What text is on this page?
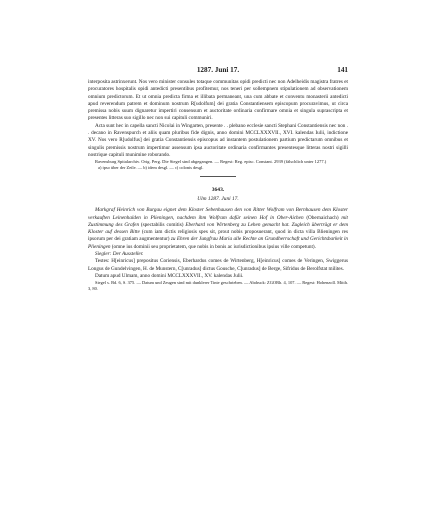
1287. Juni 17.	141

interposita astrinxerunt. Nos vero minister consules totaque communitas opidi predicti nec non Adelheidis magistra fratres et procuratores hospitalis opidi antedicti presentibus profitemur, nos teneri per sollempnem stipulationem ad observationem omnium predictorum. Et ut omnia predicta firma et illibata permaneant, una cum abbate et conventu monasterii antedicti apud reverendum patrem et dominum nostrum R[udolfum] dei gratia Constantiensem episcopum procuravimus, ut circa premissa nobis suum dignaretur impertiri consensum et auctoritate ordinaria confirmare omnia et singula suprascripta et presentes litteras suo sigillo nec non sui capituli communiri.

Acta sunt hec in capella sancti Nicolai in Wingarten, presente . . plebano ecclesie sancti Stephani Constantiensis nec non . . decano in Ravenspurch et aliis quam pluribus fide dignis, anno domini MCCLXXXVII., XVI. kalendas Iulii, indictione XV. Nos vero R[udolfus] dei gratia Constantiensis episcopus ad instantem postulationem partium predictarum omnibus et singulis premissis nostrum impertimur assensum ipsa auctoritate ordinaria confirmantes presentesque litteras nostri sigilli nostrique capituli munimine roborando.

Ravensburg Spitalarchiv. Orig. Perg. Die Siegel sind abgegangen. — Regest: Reg. episc. Constant. 2939 (fälschlich unter 1277.)

a) ipso über der Zeile. — b) idem desgl. — c) colonis desgl.

3643.
Ulm 1287. Juni 17.

Markgraf Heinrich von Burgau eignet dem Kloster Sebenhausen den von Ritter Wolfram von Bernhausen dem Kloster verkauften Leinenhalden in Plieningen, nachdem ihm Wolfram dafür seinen Hof in Ober-Aichen (Obernaichach) mit Zustimmung des Grafen (spectabilis comitis) Eberhard von Wirtenberg zu Lehen gemacht hat. Zugleich überträgt er dem Kloster auf dessen Bitte (cum iam dictis religiosis spes sit, prout nobis proposuerant, quod in dicta villa Blieningen res ipsorum per dei gratiam augmententur) zu Ehren der Jungfrau Maria alle Rechte an Grundherrschaft und Gerichtsbarkeit in Plieningen (omne ius dominii seu proprietatem, que nobis in bonis ac iurisdictionibus ipsius ville competunt).

Siegler: Der Aussteller.

Testes: H[einricus] prepositus Coriensis, Eberhardus comes de Wirtenberg, H[einricus] comes de Veringen, Swiggerus Longus de Gundelvingen, H. de Munstern, C[unradus] dictus Gousche, C[unradus] de Berge, Sifridus de Berolfstat milites.

Datum apud Ulmam, anno domini MCCLXXXVII., XV. kalendas Julii.

Siegel s. Bd. 6, S. 375. — Datum und Zeugen sind mit dunklerer Tinte geschrieben. — Abdruck: ZGORh. 4, 107. — Regest: Hohenzoll. Mitth. 3, 80.
